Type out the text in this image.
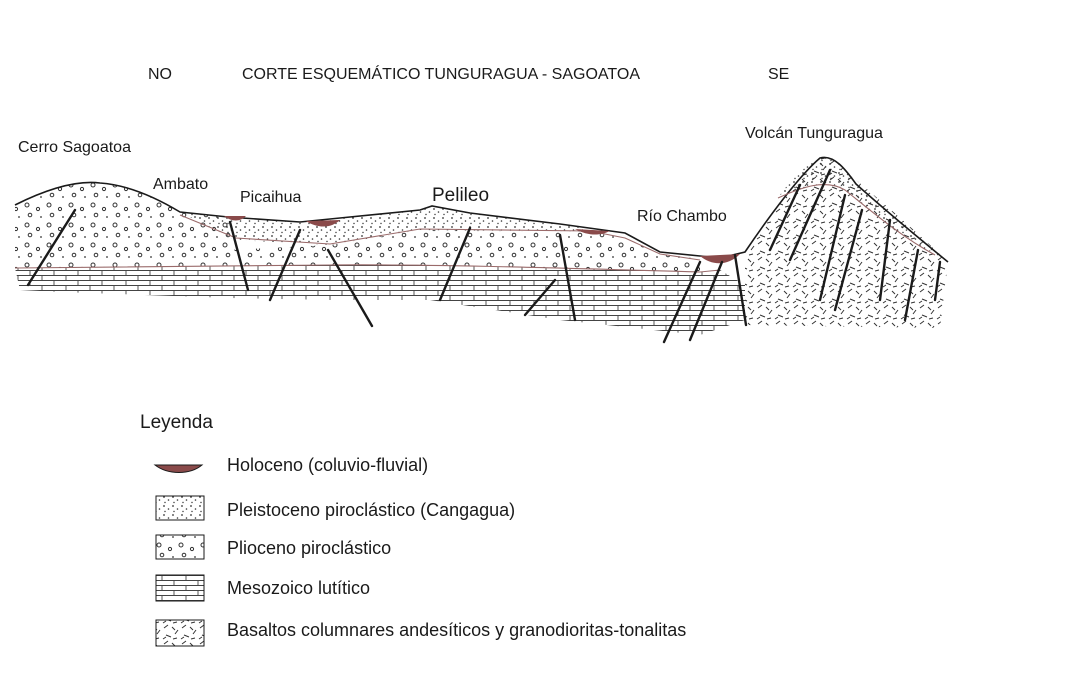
NO	CORTE ESQUEMÁTICO TUNGURAGUA - SAGOATOA	SE
Cerro Sagoatoa
Ambato
Picaihua	Pelileo
Río Chambo
Volcán Tunguragua
Leyenda
Holoceno (coluvio-fluvial)
Pleistoceno piroclástico (Cangagua)
Plioceno piroclástico
Mesozoico lutítico
Basaltos columnares andesíticos y granodioritas-tonalitas
